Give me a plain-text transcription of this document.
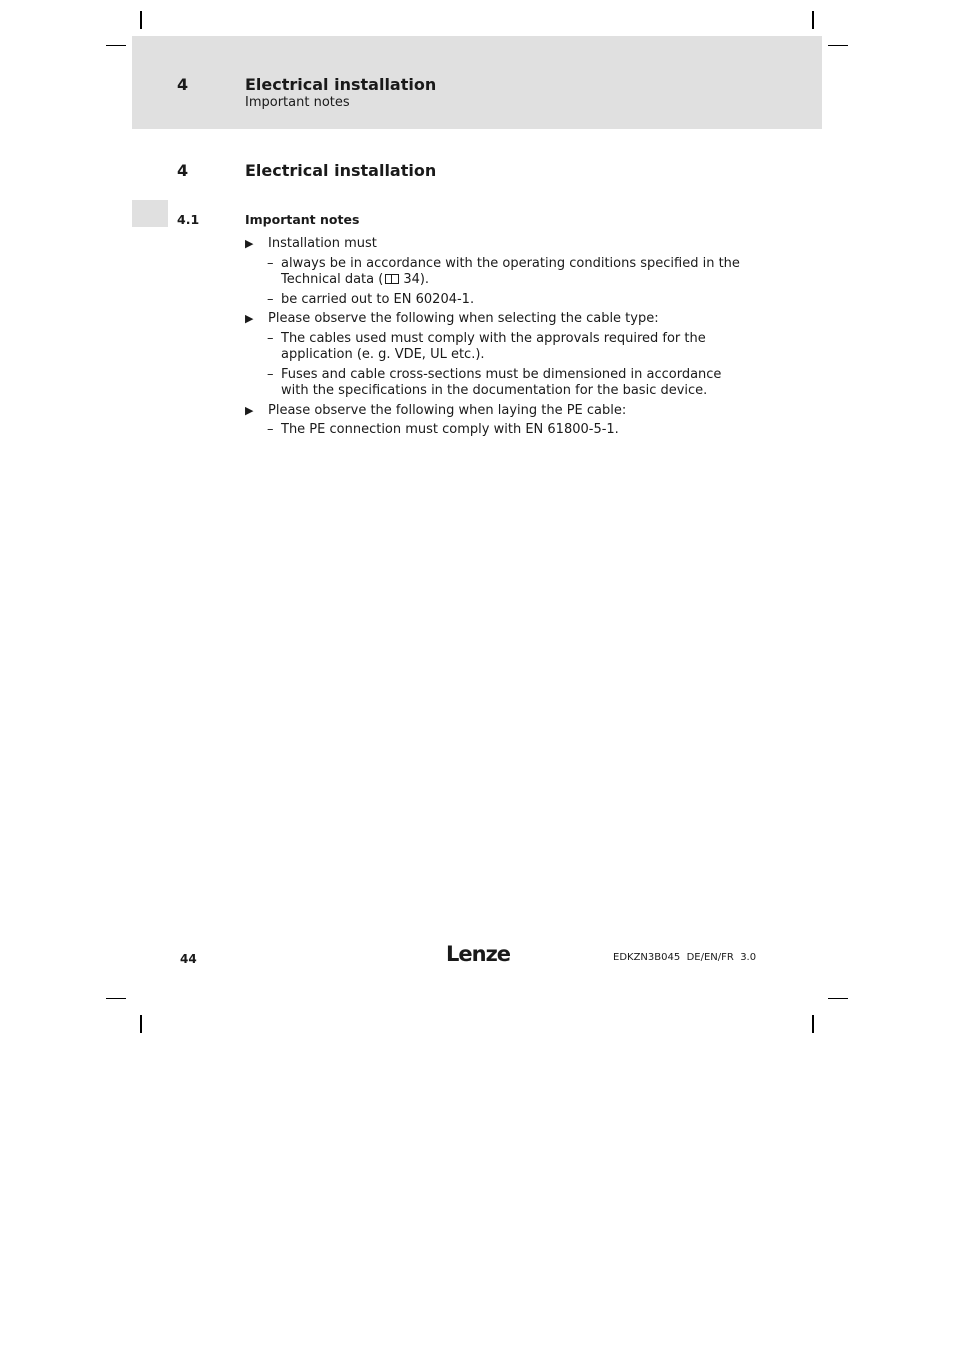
4	Electrical installation
Important notes
4	Electrical installation
4.1	Important notes
▶ Installation must
– always be in accordance with the operating conditions specified in the Technical data ( 34).
– be carried out to EN 60204-1.
▶ Please observe the following when selecting the cable type:
– The cables used must comply with the approvals required for the application (e. g. VDE, UL etc.).
– Fuses and cable cross-sections must be dimensioned in accordance with the specifications in the documentation for the basic device.
▶ Please observe the following when laying the PE cable:
– The PE connection must comply with EN 61800-5-1.
44	Lenze	EDKZN3B045  DE/EN/FR  3.0
